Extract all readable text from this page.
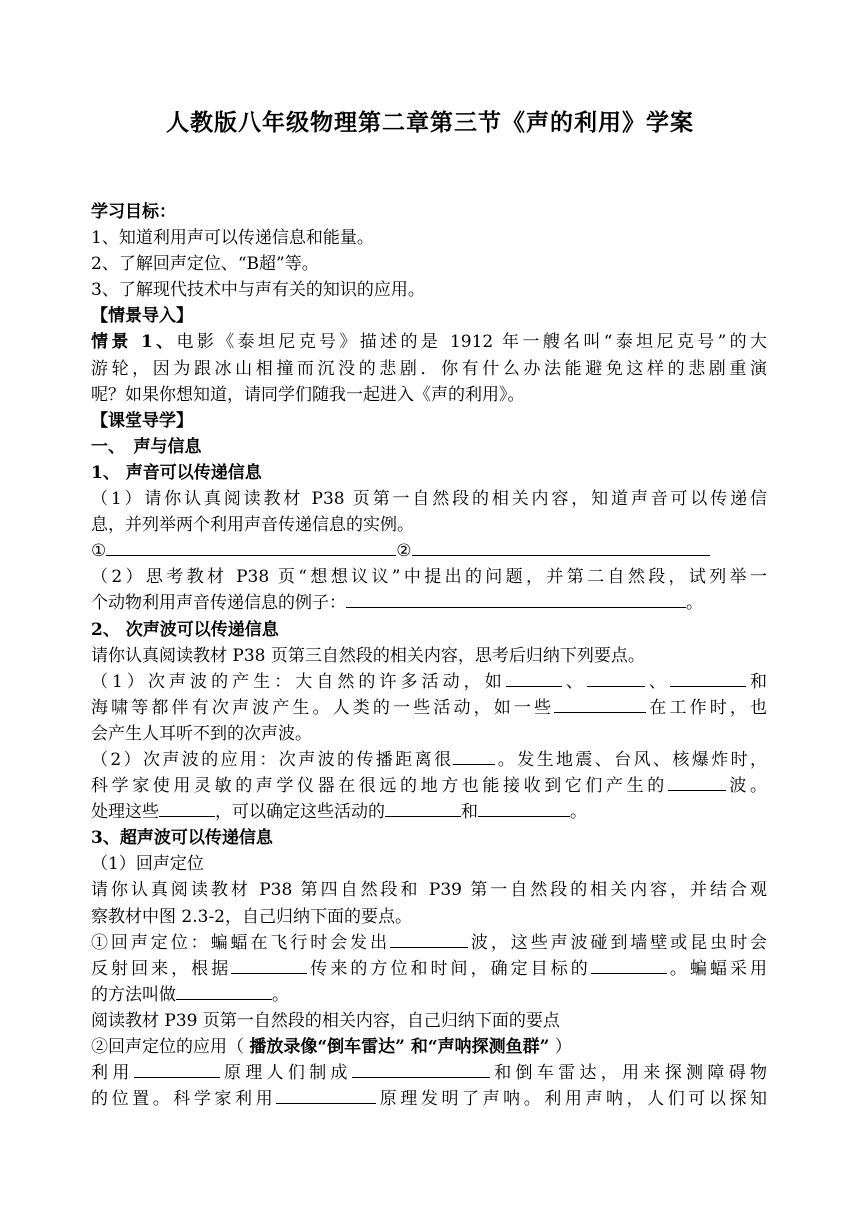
人教版八年级物理第二章第三节《声的利用》学案
学习目标：
1、知道利用声可以传递信息和能量。
2、了解回声定位、“B超”等。
3、了解现代技术中与声有关的知识的应用。
【情景导入】
情景 1、电影《泰坦尼克号》描述的是 1912 年一艘名叫“泰坦尼克号”的大
游轮，因为跟冰山相撞而沉没的悲剧．你有什么办法能避免这样的悲剧重演
呢？如果你想知道，请同学们随我一起进入《声的利用》。
【课堂导学】
一、　声与信息
1、 声音可以传递信息
（1）请你认真阅读教材 P38 页第一自然段的相关内容，知道声音可以传递信
息，并列举两个利用声音传递信息的实例。
①	②
（2）思考教材 P38 页“想想议议”中提出的问题，并第二自然段，试列举一
个动物利用声音传递信息的例子：	。
2、 次声波可以传递信息
请你认真阅读教材 P38 页第三自然段的相关内容，思考后归纳下列要点。
（1）次声波的产生：大自然的许多活动，如	、	、	和
海啸等都伴有次声波产生。人类的一些活动，如一些	在工作时，也
会产生人耳听不到的次声波。
（2）次声波的应用：次声波的传播距离很 。发生地震、台风、核爆炸时，
科学家使用灵敏的声学仪器在很远的地方也能接收到它们产生的	波。
处理这些	，可以确定这些活动的	和	。
3、超声波可以传递信息
（1）回声定位
请你认真阅读教材 P38 第四自然段和 P39 第一自然段的相关内容，并结合观
察教材中图 2.3-2，自己归纳下面的要点。
①回声定位：蝙蝠在飞行时会发出	波，这些声波碰到墙壁或昆虫时会
反射回来，根据	传来的方位和时间，确定目标的	。蝙蝠采用
的方法叫做	。
阅读教材 P39 页第一自然段的相关内容，自己归纳下面的要点
②回声定位的应用（ 播放录像“倒车雷达” 和“声呐探测鱼群” ）
利用	原理人们制成	和倒车雷达，用来探测障碍物
的位置。科学家利用	原理发明了声呐。利用声呐，人们可以探知
